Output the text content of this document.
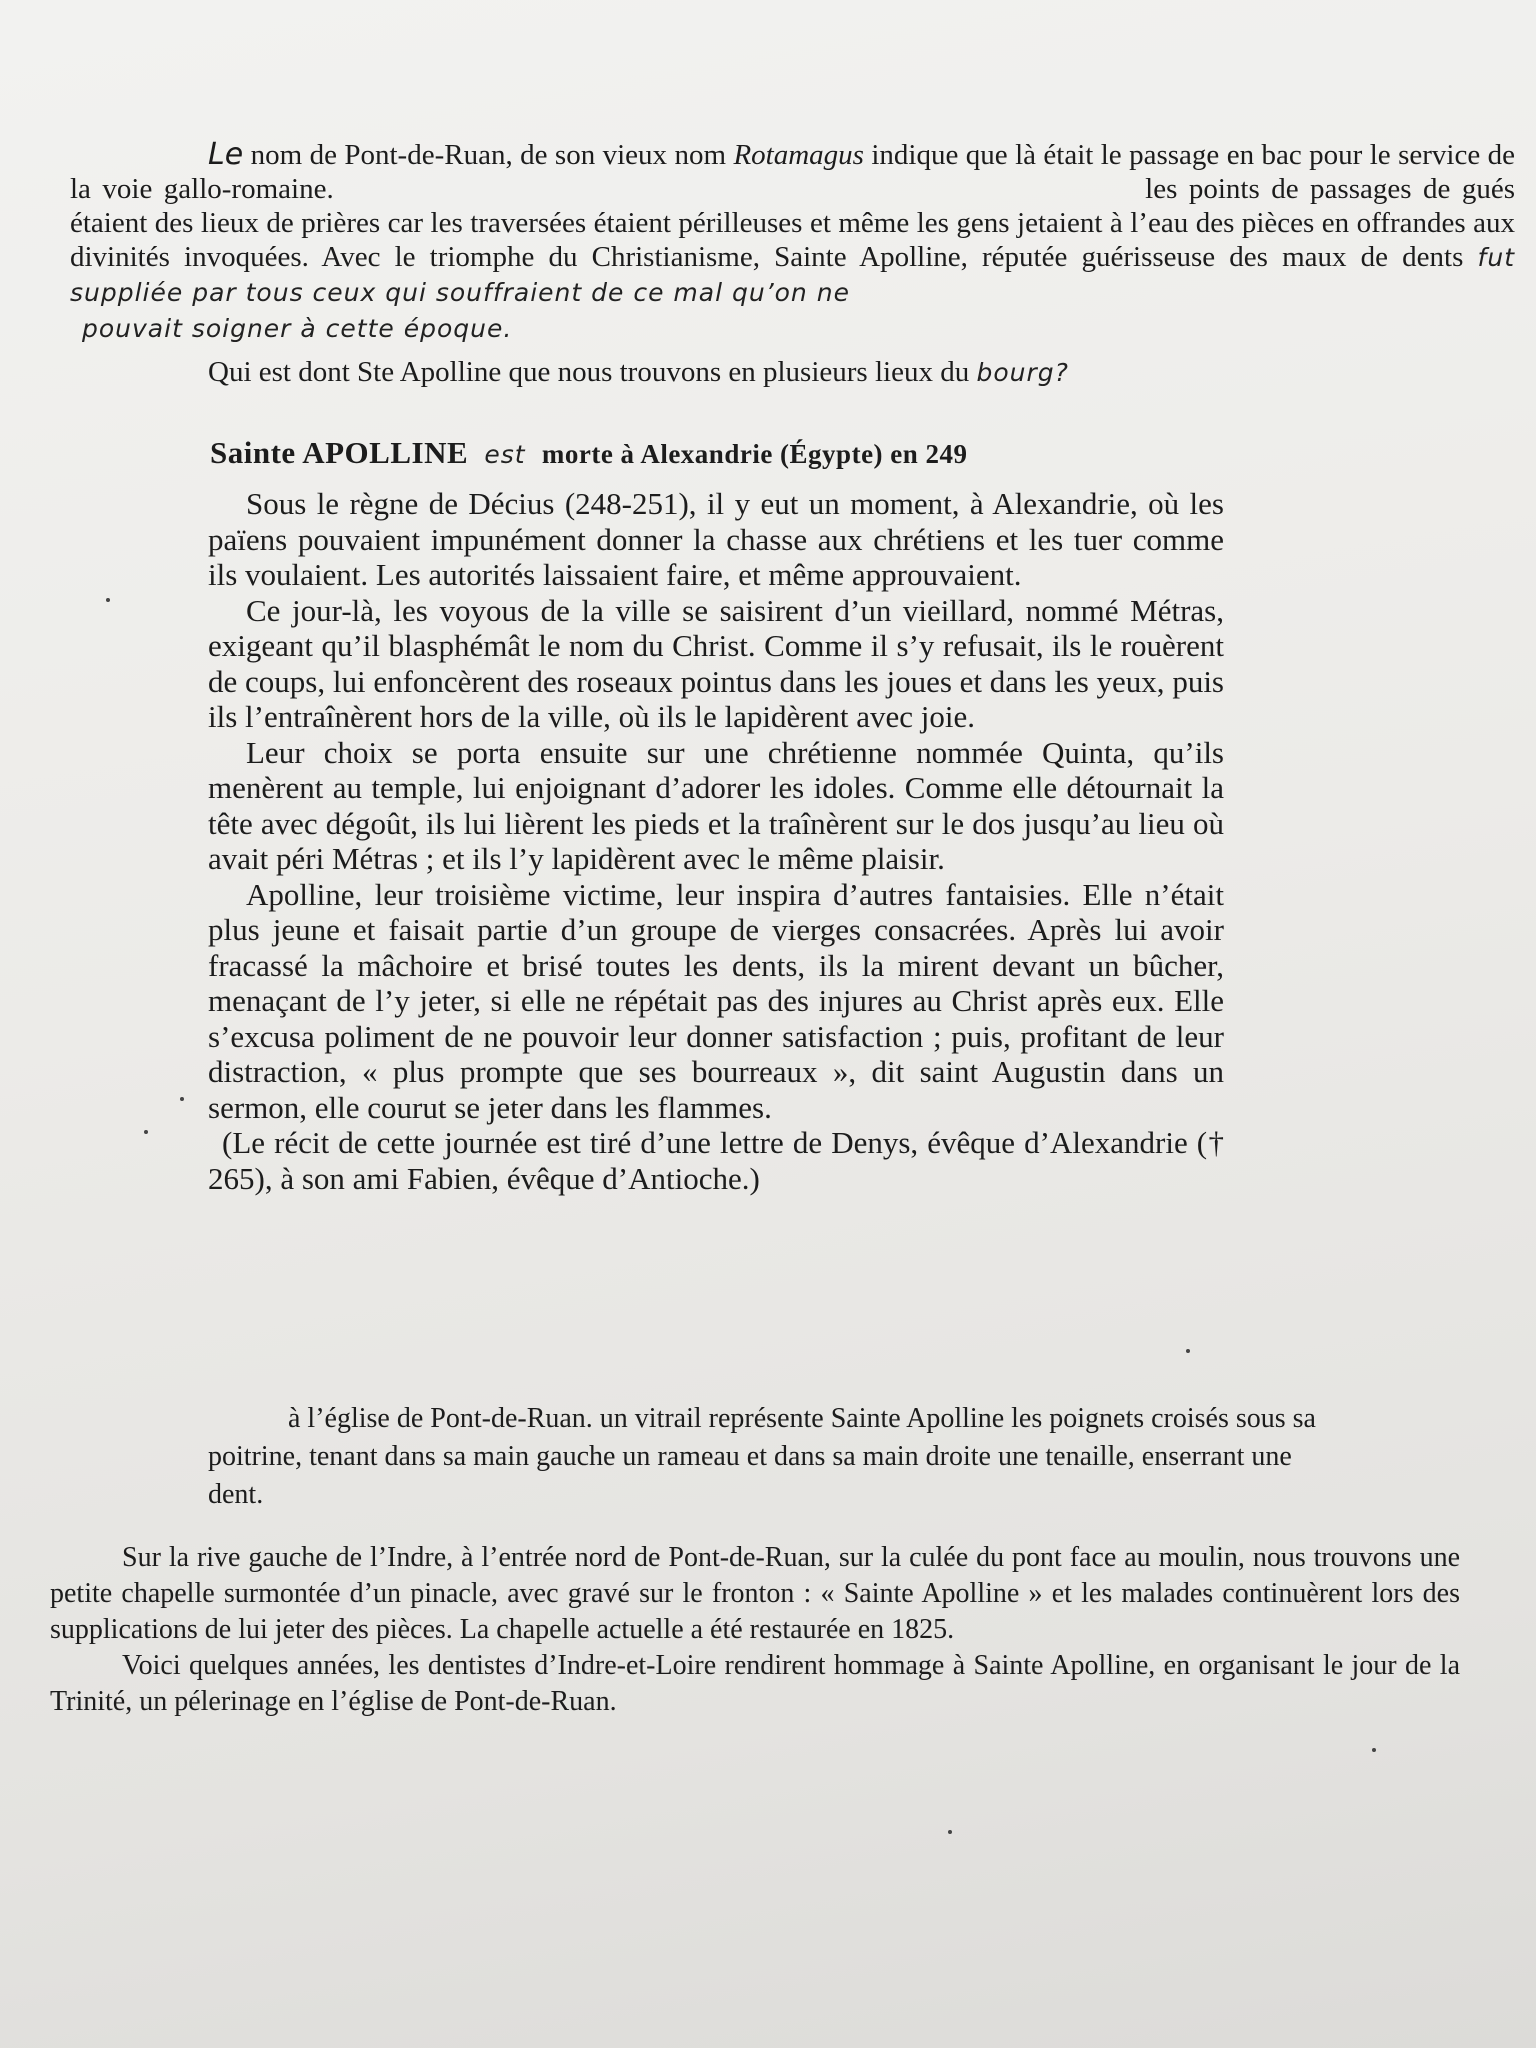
Le nom de Pont-de-Ruan, de son vieux nom Rotamagus indique que là était le passage en bac pour le service de la voie gallo-romaine.	les points de passages de gués étaient des lieux de prières car les traversées étaient périlleuses et même les gens jetaient à l’eau des pièces en offrandes aux divinités invoquées. Avec le triomphe du Christianisme, Sainte Apolline, réputée guérisseuse des maux de dents fut suppliée par tous ceux qui souffraient de ce mal qu’on ne
pouvait soigner à cette époque.
Qui est dont Ste Apolline que nous trouvons en plusieurs lieux du bourg?
Sainte APOLLINE est morte à Alexandrie (Égypte) en 249

Sous le règne de Décius (248-251), il y eut un moment, à Alexandrie, où les païens pouvaient impunément donner la chasse aux chrétiens et les tuer comme ils voulaient. Les autorités laissaient faire, et même approuvaient.

Ce jour-là, les voyous de la ville se saisirent d’un vieillard, nommé Métras, exigeant qu’il blasphémât le nom du Christ. Comme il s’y refusait, ils le rouèrent de coups, lui enfoncèrent des roseaux pointus dans les joues et dans les yeux, puis ils l’entraînèrent hors de la ville, où ils le lapidèrent avec joie.

Leur choix se porta ensuite sur une chrétienne nommée Quinta, qu’ils menèrent au temple, lui enjoignant d’adorer les idoles. Comme elle détournait la tête avec dégoût, ils lui lièrent les pieds et la traînèrent sur le dos jusqu’au lieu où avait péri Métras ; et ils l’y lapidèrent avec le même plaisir.

Apolline, leur troisième victime, leur inspira d’autres fantaisies. Elle n’était plus jeune et faisait partie d’un groupe de vierges consacrées. Après lui avoir fracassé la mâchoire et brisé toutes les dents, ils la mirent devant un bûcher, menaçant de l’y jeter, si elle ne répétait pas des injures au Christ après eux. Elle s’excusa poliment de ne pouvoir leur donner satisfaction ; puis, profitant de leur distraction, « plus prompte que ses bourreaux », dit saint Augustin dans un sermon, elle courut se jeter dans les flammes.

(Le récit de cette journée est tiré d’une lettre de Denys, évêque d’Alexandrie († 265), à son ami Fabien, évêque d’Antioche.)

à l’église de Pont-de-Ruan. un vitrail représente Sainte Apolline les poignets croisés sous sa poitrine, tenant dans sa main gauche un rameau et dans sa main droite une tenaille, enserrant une dent.

Sur la rive gauche de l’Indre, à l’entrée nord de Pont-de-Ruan, sur la culée du pont face au moulin, nous trouvons une petite chapelle surmontée d’un pinacle, avec gravé sur le fronton : « Sainte Apolline » et les malades continuèrent lors des supplications de lui jeter des pièces. La chapelle actuelle a été restaurée en 1825.

Voici quelques années, les dentistes d’Indre-et-Loire rendirent hommage à Sainte Apolline, en organisant le jour de la Trinité, un pélerinage en l’église de Pont-de-Ruan.
